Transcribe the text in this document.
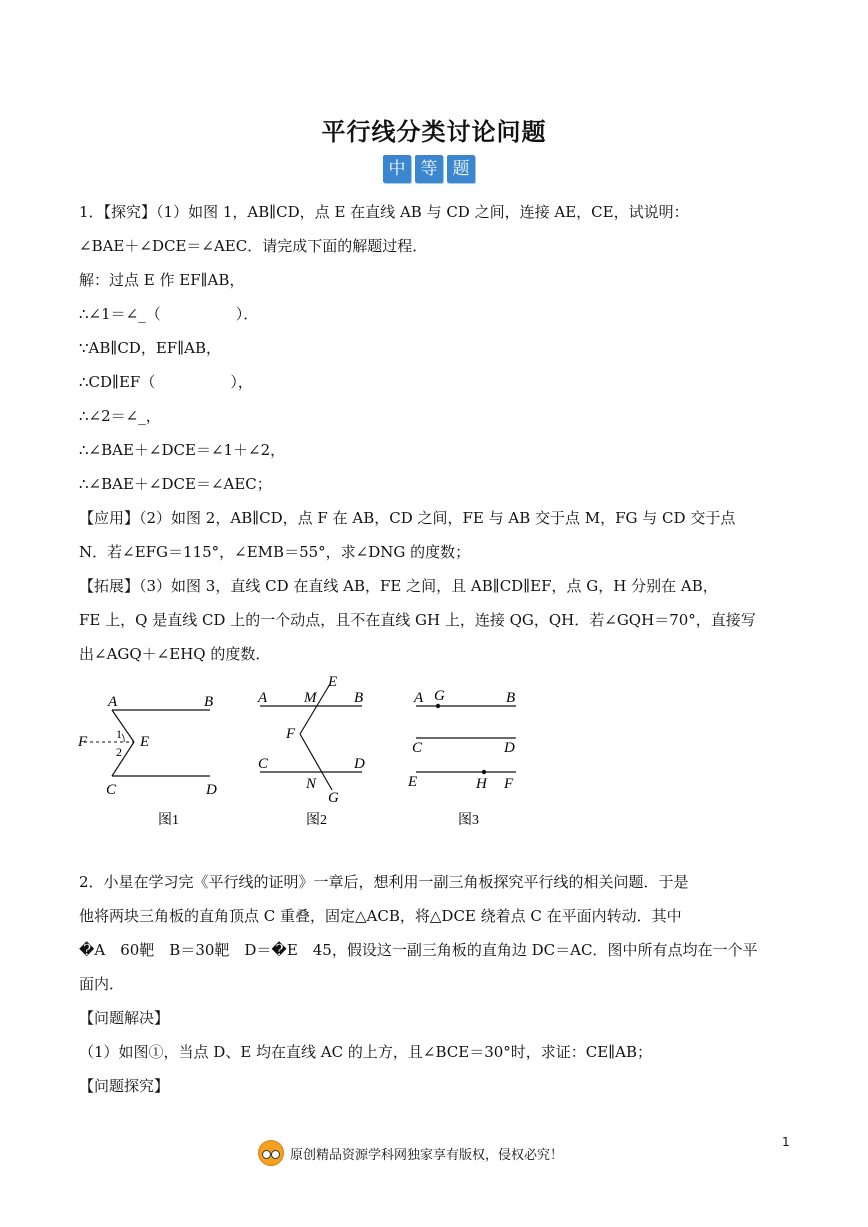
平行线分类讨论问题
中 等 题
1．【探究】（1）如图 1，AB∥CD，点 E 在直线 AB 与 CD 之间，连接 AE，CE，试说明：
∠BAE＋∠DCE＝∠AEC．请完成下面的解题过程．
解：过点 E 作 EF∥AB，
∴∠1＝∠_（　　　　　）．
∵AB∥CD，EF∥AB，
∴CD∥EF（　　　　　），
∴∠2＝∠_，
∴∠BAE＋∠DCE＝∠1＋∠2，
∴∠BAE＋∠DCE＝∠AEC；
【应用】（2）如图 2，AB∥CD，点 F 在 AB，CD 之间，FE 与 AB 交于点 M，FG 与 CD 交于点
N．若∠EFG＝115°，∠EMB＝55°，求∠DNG 的度数；
【拓展】（3）如图 3，直线 CD 在直线 AB，FE 之间，且 AB∥CD∥EF，点 G，H 分别在 AB，
FE 上，Q 是直线 CD 上的一个动点，且不在直线 GH 上，连接 QG，QH．若∠GQH＝70°，直接写
出∠AGQ＋∠EHQ 的度数．
A	B
F 1
2
E
C	D
图1
A M
E
B
F
C	D
N
G
图2
A G	B
C	D
E	H F
图3
2．小星在学习完《平行线的证明》一章后，想利用一副三角板探究平行线的相关问题．于是
他将两块三角板的直角顶点 C 重叠，固定△ACB，将△DCE 绕着点 C 在平面内转动．其中
�A　60靶　B＝30靶　D＝�E　45，假设这一副三角板的直角边 DC＝AC．图中所有点均在一个平
面内．
【问题解决】
（1）如图①，当点 D、E 均在直线 AC 的上方，且∠BCE＝30°时，求证：CE∥AB；
【问题探究】
原创精品资源学科网独家享有版权，侵权必究！
1
